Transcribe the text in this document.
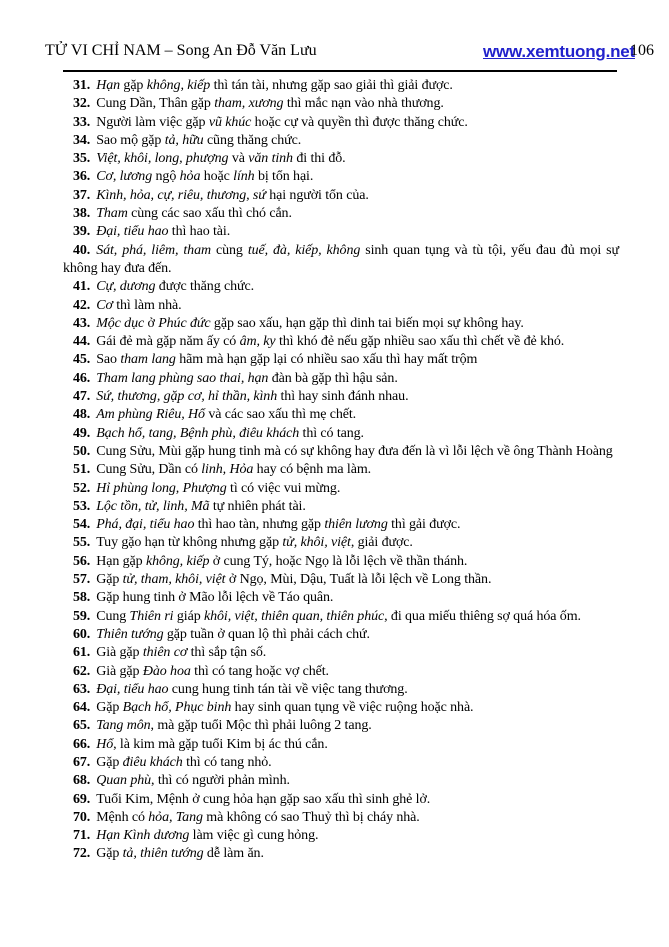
TỬ VI CHỈ NAM – Song An Đỗ Văn Lưu	www.xemtuong.net
106

31. Hạn gặp không, kiếp thì tán tài, nhưng gặp sao giải thì giải được.

32. Cung Dần, Thân gặp tham, xương thì mắc nạn vào nhà thương.

33. Người làm việc gặp vũ khúc hoặc cự và quyền thì được thăng chức.

34. Sao mộ gặp tả, hữu cũng thăng chức.

35. Việt, khôi, long, phượng và văn tinh đi thi đỗ.

36. Cơ, lương ngộ hỏa hoặc lính bị tổn hại.

37. Kình, hỏa, cự, riêu, thương, sứ hại người tổn của.

38. Tham cùng các sao xấu thì chó cắn.

39. Đại, tiểu hao thì hao tài.

40. Sát, phá, liêm, tham cùng tuế, đà, kiếp, không sinh quan tụng và tù tội, yếu đau đủ mọi sự không hay đưa đến.

41. Cự, dương được thăng chức.

42. Cơ thì làm nhà.

43. Mộc dục ở Phúc đức gặp sao xấu, hạn gặp thì dinh tai biến mọi sự không hay.

44. Gái đẻ mà gặp năm ấy có âm, ky thì khó đẻ nếu gặp nhiều sao xấu thì chết về đẻ khó.

45. Sao tham lang hãm mà hạn gặp lại có nhiều sao xấu thì hay mất trộm

46. Tham lang phùng sao thai, hạn đàn bà gặp thì hậu sản.

47. Sứ, thương, gặp cơ, hỉ thần, kình thì hay sinh đánh nhau.

48. Am phùng Riêu, Hổ và các sao xấu thì mẹ chết.

49. Bạch hổ, tang, Bệnh phù, điêu khách thì có tang.

50. Cung Sửu, Mùi gặp hung tinh mà có sự không hay đưa đến là vì lỗi lệch về ông Thành Hoàng

51. Cung Sửu, Dần có linh, Hỏa hay có bệnh ma làm.

52. Hỉ phùng long, Phượng tì có việc vui mừng.

53. Lộc tồn, tử, linh, Mã tự nhiên phát tài.

54. Phá, đại, tiểu hao thì hao tàn, nhưng gặp thiên lương thì gải được.

55. Tuy gặo hạn từ không nhưng gặp tử, khôi, việt, giải được.

56. Hạn gặp không, kiếp ở cung Tý, hoặc Ngọ là lỗi lệch về thần thánh.

57. Gặp tử, tham, khôi, việt ở Ngọ, Mùi, Dậu, Tuất là lỗi lệch về Long thần.

58. Gặp hung tinh ở Mão lỗi lệch về Táo quân.

59. Cung Thiên ri giáp khôi, việt, thiên quan, thiên phúc, đi qua miếu thiêng sợ quá hóa ốm.

60. Thiên tướng gặp tuần ở quan lộ thì phải cách chứ.

61. Già gặp thiên cơ thì sắp tận số.

62. Già gặp Đào hoa thì có tang hoặc vợ chết.

63. Đại, tiểu hao cung hung tinh tán tài về việc tang thương.

64. Gặp Bạch hổ, Phục binh hay sinh quan tụng về việc ruộng hoặc nhà.

65. Tang môn, mà gặp tuổi Mộc thì phải luông 2 tang.

66. Hổ, là kim mà gặp tuổi Kim bị ác thú cắn.

67. Gặp điêu khách thì có tang nhỏ.

68. Quan phù, thì có người phản mình.

69. Tuổi Kim, Mệnh ở cung hỏa hạn gặp sao xấu thì sinh ghẻ lở.

70. Mệnh có hỏa, Tang mà không có sao Thuỷ thì bị cháy nhà.

71. Hạn Kình dương làm việc gì cung hỏng.

72. Gặp tả, thiên tướng dễ làm ăn.
